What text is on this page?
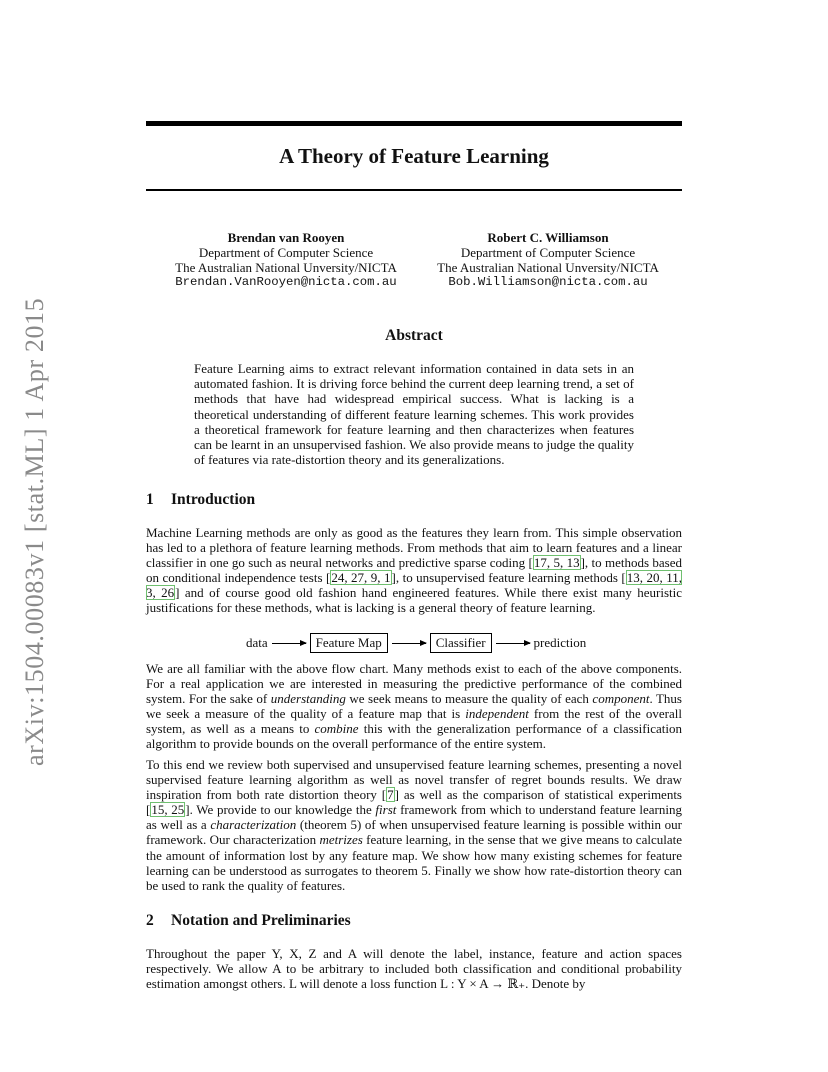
arXiv:1504.00083v1 [stat.ML] 1 Apr 2015
A Theory of Feature Learning
Brendan van Rooyen
Department of Computer Science
The Australian National Unversity/NICTA
Brendan.VanRooyen@nicta.com.au
Robert C. Williamson
Department of Computer Science
The Australian National Unversity/NICTA
Bob.Williamson@nicta.com.au
Abstract
Feature Learning aims to extract relevant information contained in data sets in an automated fashion. It is driving force behind the current deep learning trend, a set of methods that have had widespread empirical success. What is lacking is a theoretical understanding of different feature learning schemes. This work provides a theoretical framework for feature learning and then characterizes when features can be learnt in an unsupervised fashion. We also provide means to judge the quality of features via rate-distortion theory and its generalizations.
1 Introduction
Machine Learning methods are only as good as the features they learn from. This simple observation has led to a plethora of feature learning methods. From methods that aim to learn features and a linear classifier in one go such as neural networks and predictive sparse coding [17, 5, 13], to methods based on conditional independence tests [24, 27, 9, 1], to unsupervised feature learning methods [13, 20, 11, 3, 26] and of course good old fashion hand engineered features. While there exist many heuristic justifications for these methods, what is lacking is a general theory of feature learning.
data	Feature Map	Classifier	prediction
We are all familiar with the above flow chart. Many methods exist to each of the above components. For a real application we are interested in measuring the predictive performance of the combined system. For the sake of understanding we seek means to measure the quality of each component. Thus we seek a measure of the quality of a feature map that is independent from the rest of the overall system, as well as a means to combine this with the generalization performance of a classification algorithm to provide bounds on the overall performance of the entire system.
To this end we review both supervised and unsupervised feature learning schemes, presenting a novel supervised feature learning algorithm as well as novel transfer of regret bounds results. We draw inspiration from both rate distortion theory [7] as well as the comparison of statistical experiments [15, 25]. We provide to our knowledge the first framework from which to understand feature learning as well as a characterization (theorem 5) of when unsupervised feature learning is possible within our framework. Our characterization metrizes feature learning, in the sense that we give means to calculate the amount of information lost by any feature map. We show how many existing schemes for feature learning can be understood as surrogates to theorem 5. Finally we show how rate-distortion theory can be used to rank the quality of features.
2 Notation and Preliminaries
Throughout the paper Y, X, Z and A will denote the label, instance, feature and action spaces respectively. We allow A to be arbitrary to included both classification and conditional probability estimation amongst others. L will denote a loss function L : Y × A → ℝ₊. Denote by
